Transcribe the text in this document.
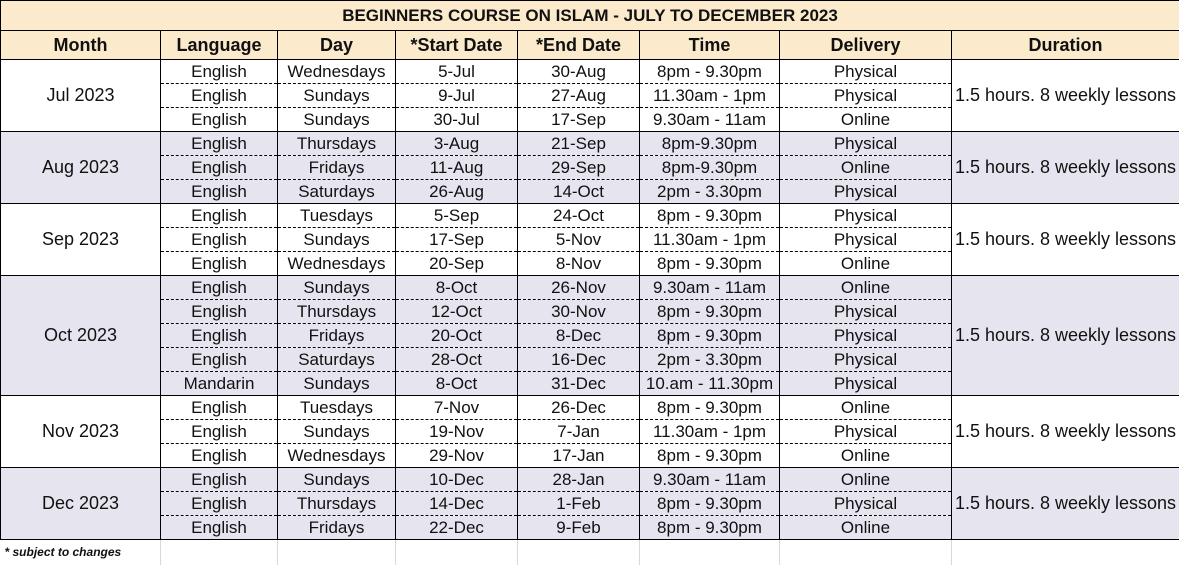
BEGINNERS COURSE ON ISLAM - JULY TO DECEMBER 2023							
Month	Language	Day	*Start Date	*End Date	Time	Delivery	Duration
Jul 2023	English	Wednesdays	5-Jul	30-Aug	8pm - 9.30pm	Physical	1.5 hours. 8 weekly lessons
	English	Sundays	9-Jul	27-Aug	11.30am - 1pm	Physical	
	English	Sundays	30-Jul	17-Sep	9.30am - 11am	Online	
Aug 2023	English	Thursdays	3-Aug	21-Sep	8pm-9.30pm	Physical	1.5 hours. 8 weekly lessons
	English	Fridays	11-Aug	29-Sep	8pm-9.30pm	Online	
	English	Saturdays	26-Aug	14-Oct	2pm - 3.30pm	Physical	
Sep 2023	English	Tuesdays	5-Sep	24-Oct	8pm - 9.30pm	Physical	1.5 hours. 8 weekly lessons
	English	Sundays	17-Sep	5-Nov	11.30am - 1pm	Physical	
	English	Wednesdays	20-Sep	8-Nov	8pm - 9.30pm	Online	
Oct 2023	English	Sundays	8-Oct	26-Nov	9.30am - 11am	Online	1.5 hours. 8 weekly lessons
	English	Thursdays	12-Oct	30-Nov	8pm - 9.30pm	Physical	
	English	Fridays	20-Oct	8-Dec	8pm - 9.30pm	Physical	
	English	Saturdays	28-Oct	16-Dec	2pm - 3.30pm	Physical	
	Mandarin	Sundays	8-Oct	31-Dec	10.am - 11.30pm	Physical	
Nov 2023	English	Tuesdays	7-Nov	26-Dec	8pm - 9.30pm	Online	1.5 hours. 8 weekly lessons
	English	Sundays	19-Nov	7-Jan	11.30am - 1pm	Physical	
	English	Wednesdays	29-Nov	17-Jan	8pm - 9.30pm	Online	
Dec 2023	English	Sundays	10-Dec	28-Jan	9.30am - 11am	Online	1.5 hours. 8 weekly lessons
	English	Thursdays	14-Dec	1-Feb	8pm - 9.30pm	Physical	
	English	Fridays	22-Dec	9-Feb	8pm - 9.30pm	Online	
* subject to changes							
